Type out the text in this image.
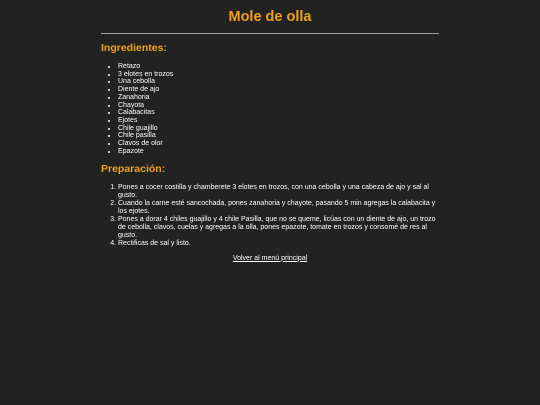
Mole de olla
Ingredientes:
• Retazo
• 3 elotes en trozos
• Una cebolla
• Diente de ajo
• Zanahoria
• Chayota
• Calabacitas
• Ejotes
• Chile guajillo
• Chile pasilla
• Clavos de olor
• Epazote
Preparación:
1. Pones a cocer costilla y chamberete 3 elotes en trozos, con una cebolla y una cabeza de ajo y sal al gusto.
2. Cuando la carne esté sancochada, pones zanahoria y chayote, pasando 5 min agregas la calabacita y los ejotes.
3. Pones a dorar 4 chiles guajillo y 4 chile Pasilla, que no se queme, licúas con un diente de ajo, un trozo de cebolla, clavos, cuelas y agregas a la olla, pones epazote, tomate en trozos y consomé de res al gusto.
4. Rectificas de sal y listo.
Volver al menú principal
